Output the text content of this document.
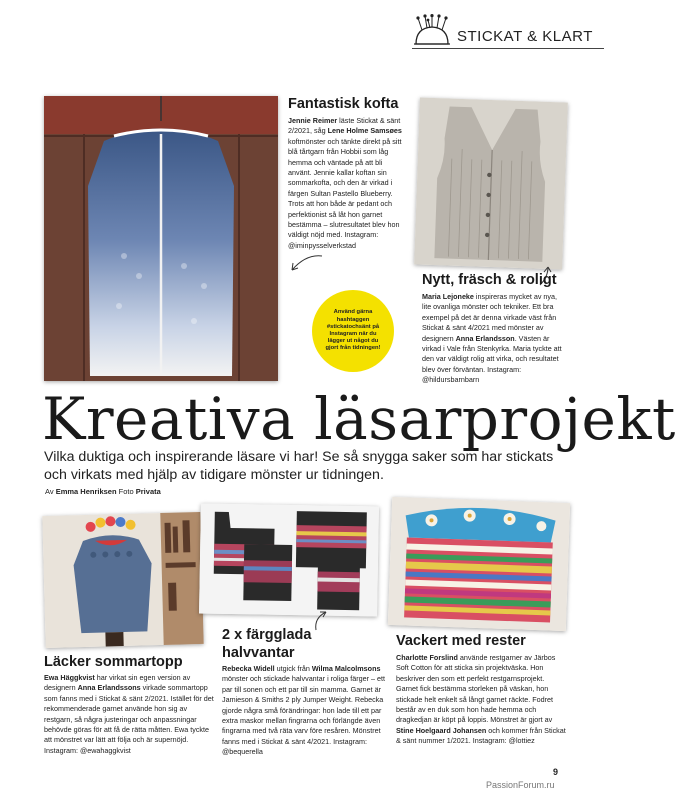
STICKAT & KLART
Fantastisk kofta
Jennie Reimer läste Stickat & sänt 2/2021, såg Lene Holme Samsøes koftmönster och tänkte direkt på sitt blå tårtgarn från Hobbii som låg hemma och väntade på att bli använt. Jennie kallar koftan sin sommarkofta, och den är virkad i färgen Sultan Pastello Blueberry. Trots att hon både är pedant och perfektionist så låt hon garnet bestämma – slutresultatet blev hon väldigt nöjd med. Instagram: @iminpysselverkstad
Nytt, fräsch & roligt
Maria Lejoneke inspireras mycket av nya, lite ovanliga mönster och tekniker. Ett bra exempel på det är denna virkade väst från Stickat & sänt 4/2021 med mönster av designern Anna Erlandsson. Västen är virkad i Vale från Stenkyrka. Maria tyckte att den var väldigt rolig att virka, och resultatet blev över förväntan. Instagram: @hildursbarnbarn
Använd gärna hashtaggen #stickatochsänt på Instagram när du lägger ut något du gjort från tidningen!
Kreativa läsarprojekt
Vilka duktiga och inspirerande läsare vi har! Se så snygga saker som har stickats och virkats med hjälp av tidigare mönster ur tidningen.
Av Emma Henriksen Foto Privata
Läcker sommartopp
Ewa Häggkvist har virkat sin egen version av designern Anna Erlandssons virkade sommartopp som fanns med i Stickat & sänt 2/2021. Istället för det rekommenderade garnet använde hon sig av restgarn, så några justeringar och anpassningar behövde göras för att få de rätta måtten. Ewa tyckte att mönstret var lätt att följa och är supernöjd. Instagram: @ewahaggkvist
2 x färgglada halvvantar
Rebecka Widell utgick från Wilma Malcolmsons mönster och stickade halvvantar i roliga färger – ett par till sonen och ett par till sin mamma. Garnet är Jamieson & Smiths 2 ply Jumper Weight. Rebecka gjorde några små förändringar: hon lade till ett par extra maskor mellan fingrarna och förlängde även fingrarna med två räta varv före resåren. Mönstret fanns med i Stickat & sänt 4/2021. Instagram: @bequerella
Vackert med rester
Charlotte Forslind använde restgarner av Järbos Soft Cotton för att sticka sin projektväska. Hon beskriver den som ett perfekt restgarnsprojekt. Garnet fick bestämma storleken på väskan, hon stickade helt enkelt så långt garnet räckte. Fodret består av en duk som hon hade hemma och dragkedjan är köpt på loppis. Mönstret är gjort av Stine Hoelgaard Johansen och kommer från Stickat & sänt nummer 1/2021. Instagram: @lottiez
9
PassionForum.ru
